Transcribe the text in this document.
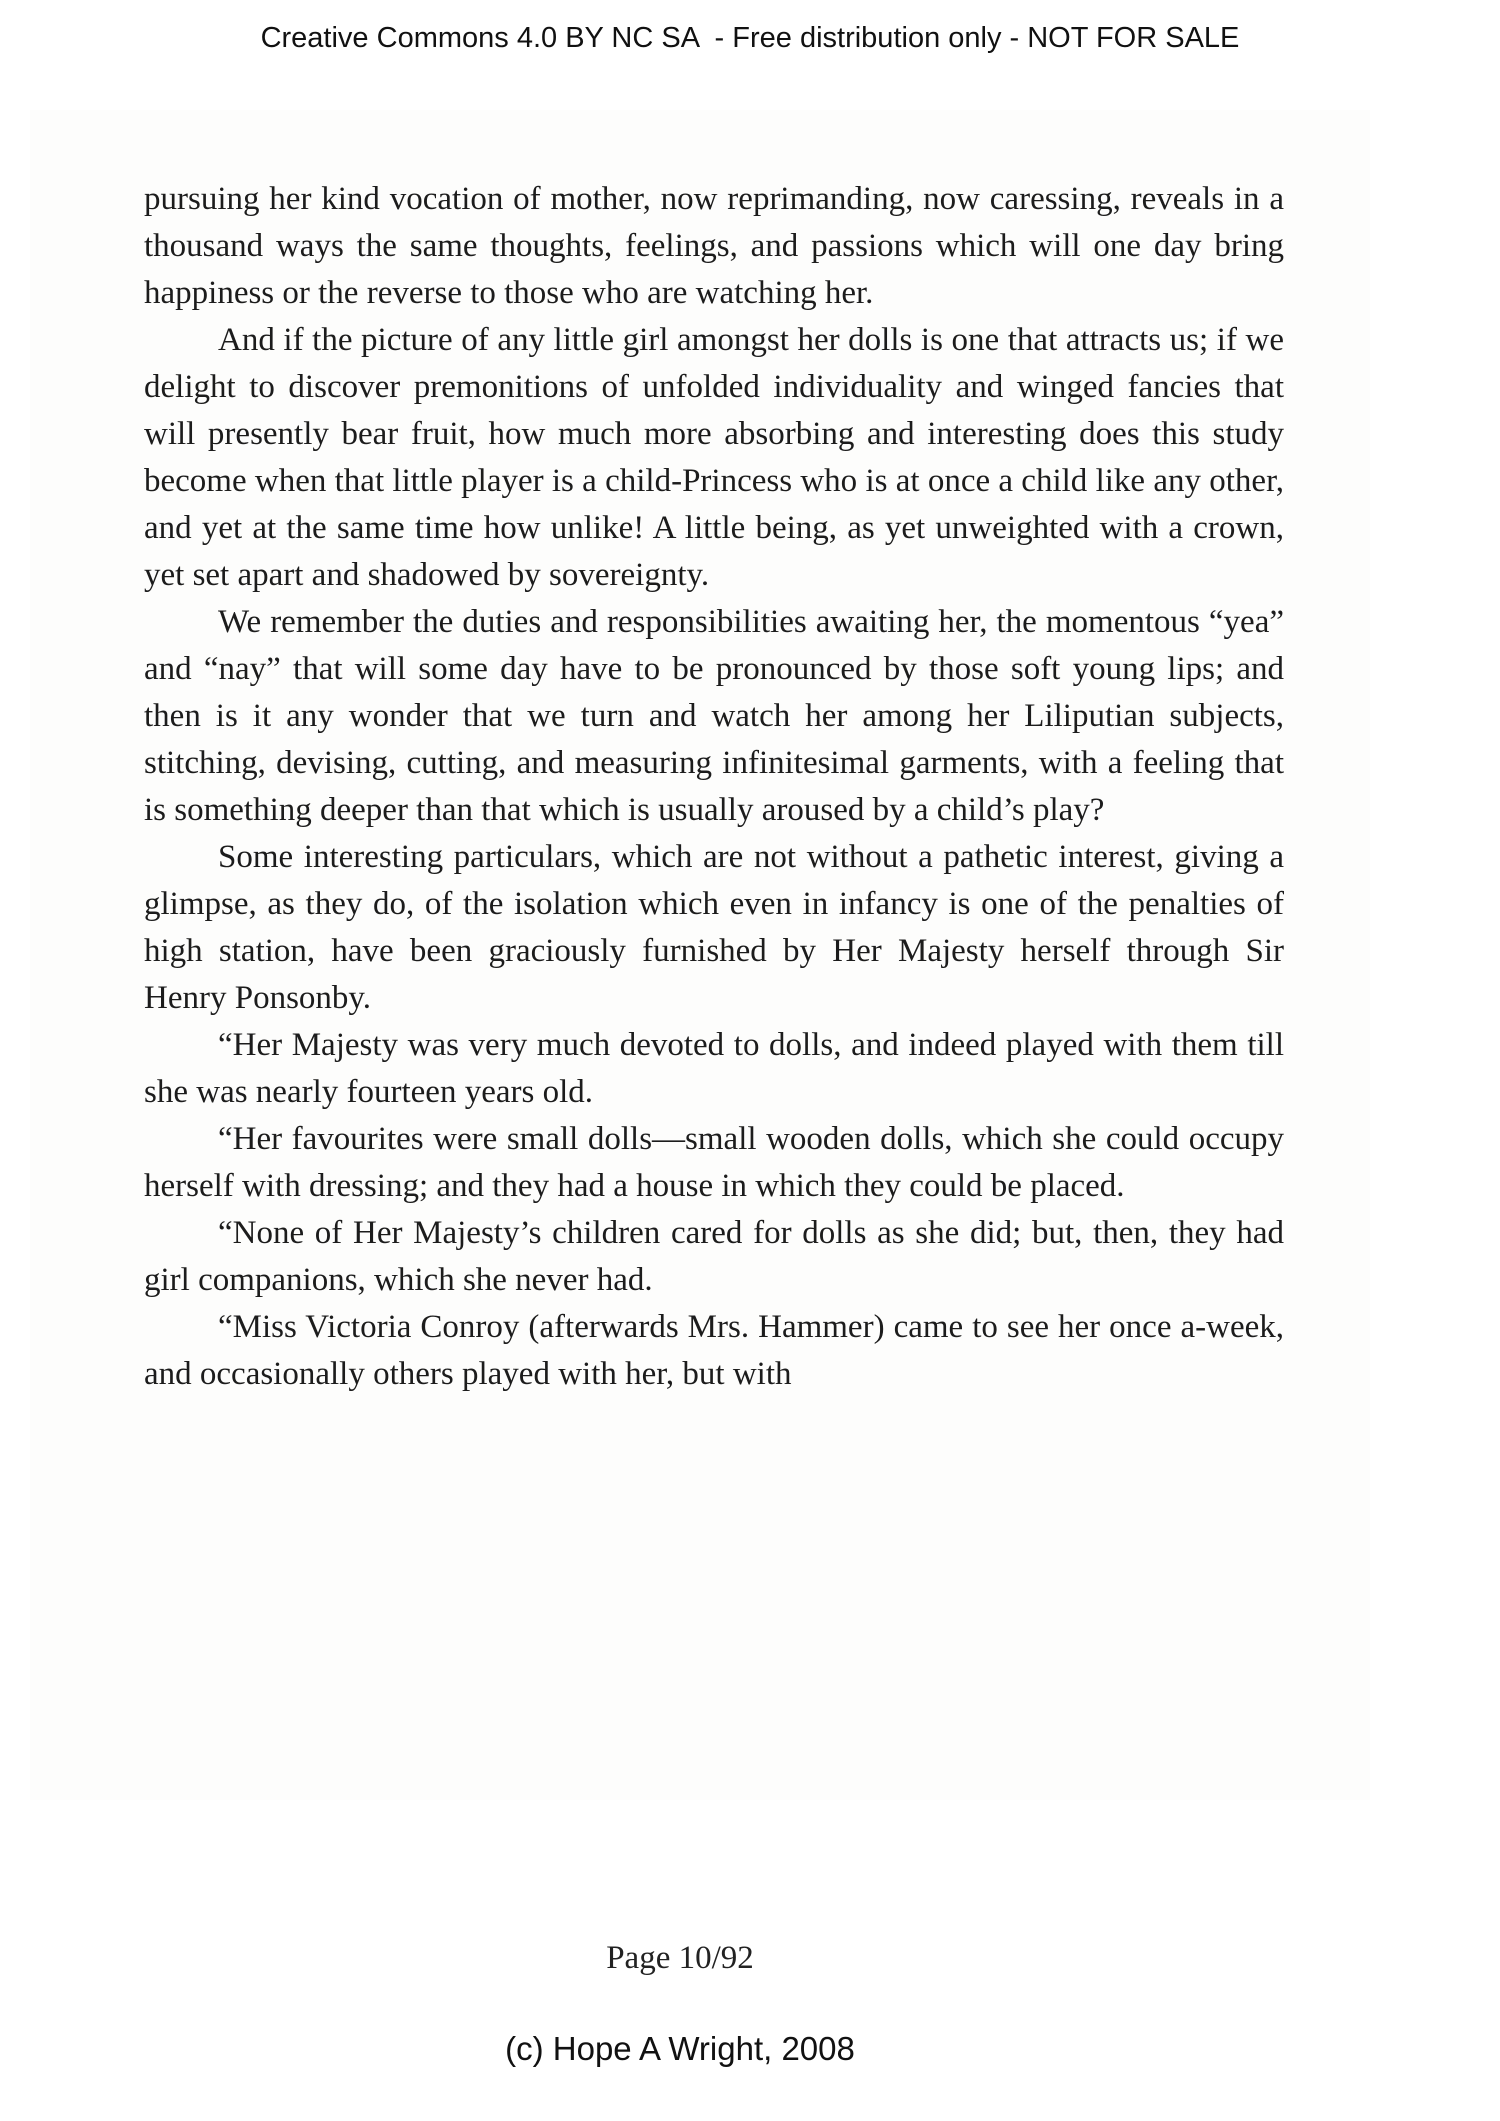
Creative Commons 4.0 BY NC SA  - Free distribution only - NOT FOR SALE

pursuing her kind vocation of mother, now reprimanding, now caressing, reveals in a thousand ways the same thoughts, feelings, and passions which will one day bring happiness or the reverse to those who are watching her.

And if the picture of any little girl amongst her dolls is one that attracts us; if we delight to discover premonitions of unfolded individuality and winged fancies that will presently bear fruit, how much more absorbing and interesting does this study become when that little player is a child-Princess who is at once a child like any other, and yet at the same time how unlike! A little being, as yet unweighted with a crown, yet set apart and shadowed by sovereignty.

We remember the duties and responsibilities awaiting her, the momentous “yea” and “nay” that will some day have to be pronounced by those soft young lips; and then is it any wonder that we turn and watch her among her Liliputian subjects, stitching, devising, cutting, and measuring infinitesimal garments, with a feeling that is something deeper than that which is usually aroused by a child’s play?

Some interesting particulars, which are not without a pathetic interest, giving a glimpse, as they do, of the isolation which even in infancy is one of the penalties of high station, have been graciously furnished by Her Majesty herself through Sir Henry Ponsonby.

“Her Majesty was very much devoted to dolls, and indeed played with them till she was nearly fourteen years old.

“Her favourites were small dolls—small wooden dolls, which she could occupy herself with dressing; and they had a house in which they could be placed.

“None of Her Majesty’s children cared for dolls as she did; but, then, they had girl companions, which she never had.

“Miss Victoria Conroy (afterwards Mrs. Hammer) came to see her once a-week, and occasionally others played with her, but with

Page 10/92
(c) Hope A Wright, 2008
